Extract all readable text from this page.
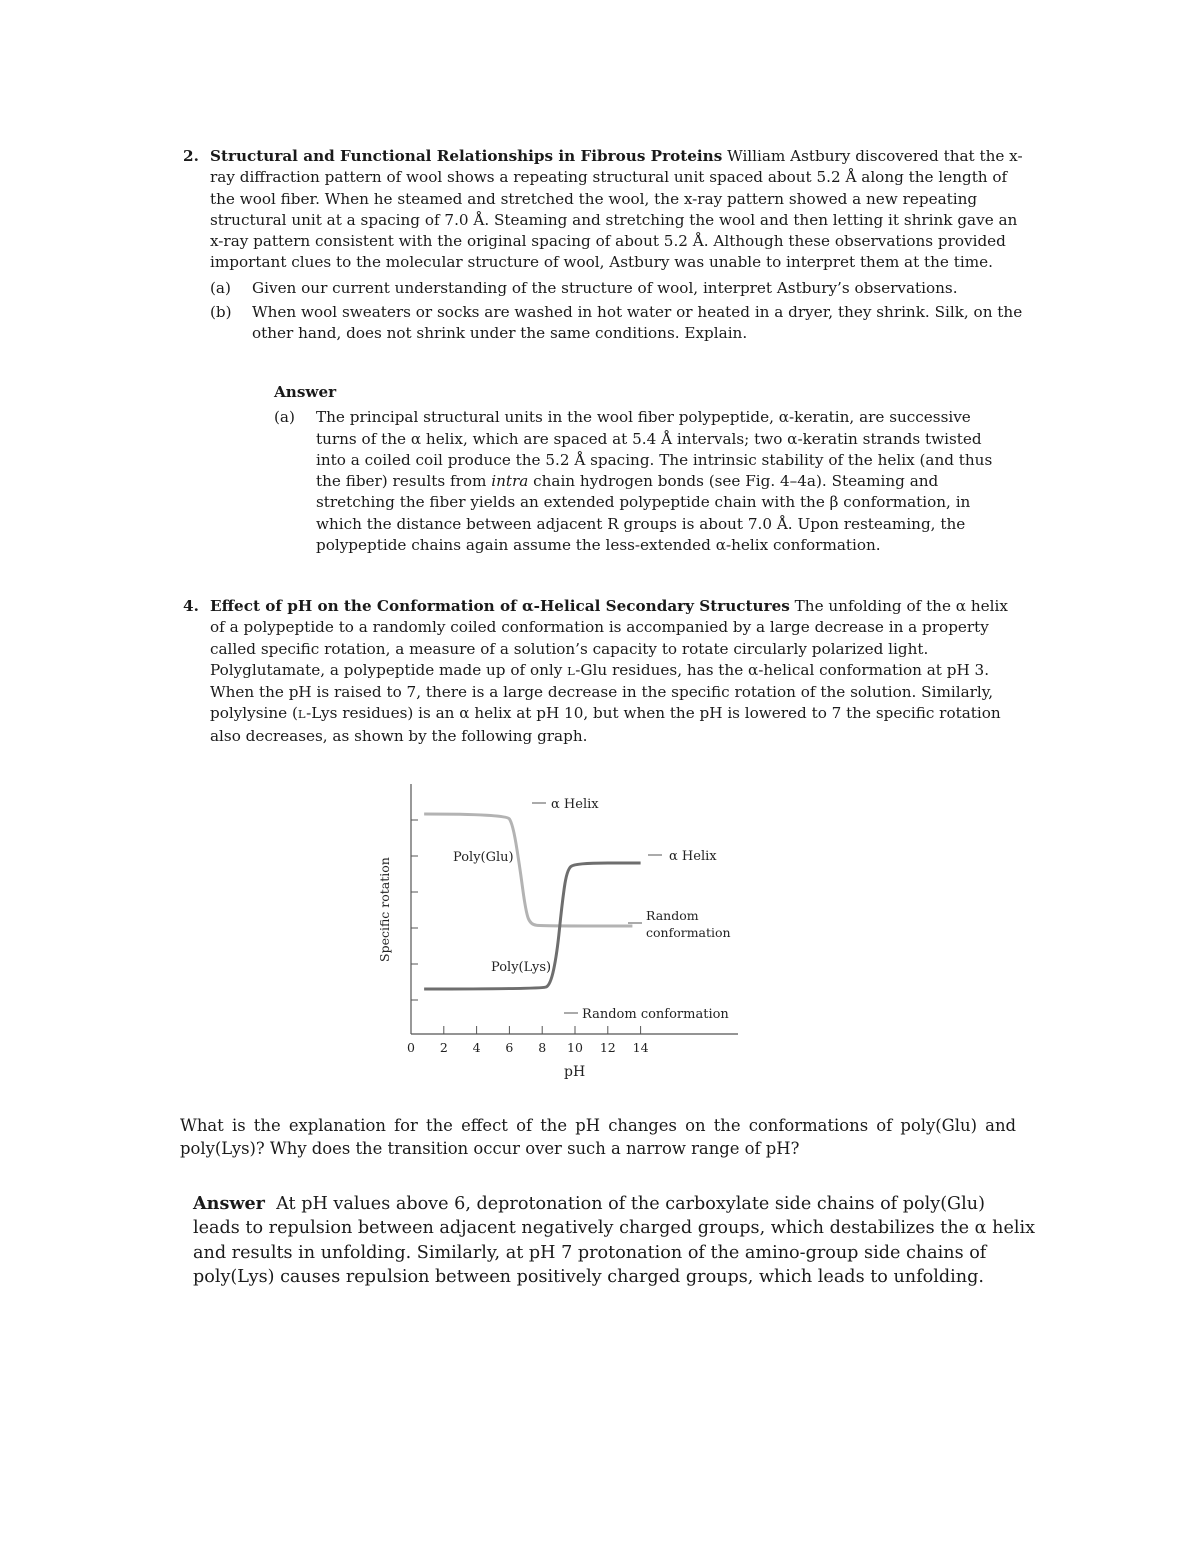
2. Structural and Functional Relationships in Fibrous Proteins William Astbury discovered that the x-ray diffraction pattern of wool shows a repeating structural unit spaced about 5.2 Å along the length of the wool fiber. When he steamed and stretched the wool, the x-ray pattern showed a new repeating structural unit at a spacing of 7.0 Å. Steaming and stretching the wool and then letting it shrink gave an x-ray pattern consistent with the original spacing of about 5.2 Å. Although these observations provided important clues to the molecular structure of wool, Astbury was unable to interpret them at the time.
(a) Given our current understanding of the structure of wool, interpret Astbury’s observations.
(b) When wool sweaters or socks are washed in hot water or heated in a dryer, they shrink. Silk, on the other hand, does not shrink under the same conditions. Explain.
Answer
(a) The principal structural units in the wool fiber polypeptide, α-keratin, are successive turns of the α helix, which are spaced at 5.4 Å intervals; two α-keratin strands twisted into a coiled coil produce the 5.2 Å spacing. The intrinsic stability of the helix (and thus the fiber) results from intra chain hydrogen bonds (see Fig. 4–4a). Steaming and stretching the fiber yields an extended polypeptide chain with the β conformation, in which the distance between adjacent R groups is about 7.0 Å. Upon resteaming, the polypeptide chains again assume the less-extended α-helix conformation.
4. Effect of pH on the Conformation of α-Helical Secondary Structures The unfolding of the α helix of a polypeptide to a randomly coiled conformation is accompanied by a large decrease in a property called specific rotation, a measure of a solution’s capacity to rotate circularly polarized light. Polyglutamate, a polypeptide made up of only L-Glu residues, has the α-helical conformation at pH 3. When the pH is raised to 7, there is a large decrease in the specific rotation of the solution. Similarly, polylysine (L-Lys residues) is an α helix at pH 10, but when the pH is lowered to 7 the specific rotation also decreases, as shown by the following graph.
0 2 4 6 8 10 12 14
Specific rotation
pH
α Helix
α Helix
Random
conformation
Random conformation
Poly(Glu)
Poly(Lys)
What is the explanation for the effect of the pH changes on the conformations of poly(Glu) and poly(Lys)? Why does the transition occur over such a narrow range of pH?
Answer At pH values above 6, deprotonation of the carboxylate side chains of poly(Glu)
leads to repulsion between adjacent negatively charged groups, which destabilizes the α helix
and results in unfolding. Similarly, at pH 7 protonation of the amino-group side chains of
poly(Lys) causes repulsion between positively charged groups, which leads to unfolding.
